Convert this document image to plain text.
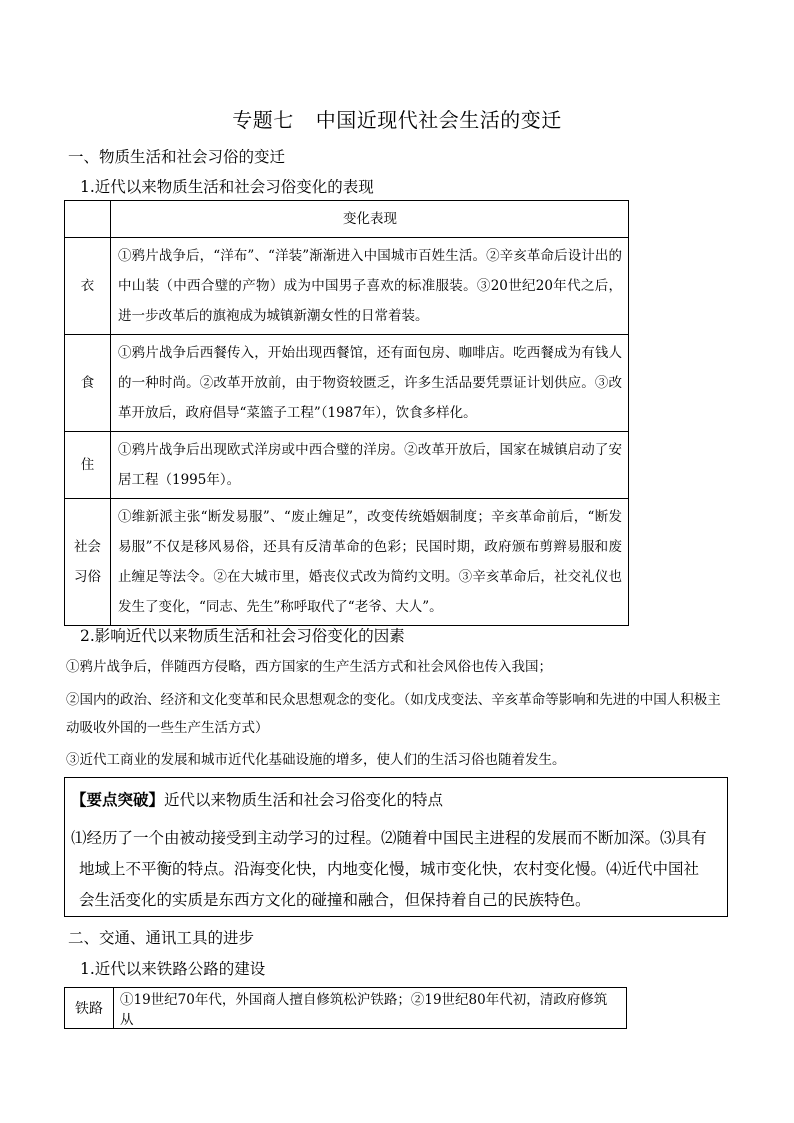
专题七 中国近现代社会生活的变迁
一、物质生活和社会习俗的变迁
1.近代以来物质生活和社会习俗变化的表现
	变化表现
衣	①鸦片战争后，“洋布”、“洋装”渐渐进入中国城市百姓生活。②辛亥革命后设计出的中山装（中西合璧的产物）成为中国男子喜欢的标准服装。③20世纪20年代之后，进一步改革后的旗袍成为城镇新潮女性的日常着装。
食	①鸦片战争后西餐传入，开始出现西餐馆，还有面包房、咖啡店。吃西餐成为有钱人的一种时尚。②改革开放前，由于物资较匮乏，许多生活品要凭票证计划供应。③改革开放后，政府倡导“菜篮子工程”（1987年），饮食多样化。
住	①鸦片战争后出现欧式洋房或中西合璧的洋房。②改革开放后，国家在城镇启动了安居工程（1995年）。
社会
习俗	①维新派主张“断发易服”、“废止缠足”，改变传统婚姻制度；辛亥革命前后，“断发易服”不仅是移风易俗，还具有反清革命的色彩；民国时期，政府颁布剪辫易服和废止缠足等法令。②在大城市里，婚丧仪式改为简约文明。③辛亥革命后，社交礼仪也发生了变化，“同志、先生”称呼取代了“老爷、大人”。
2.影响近代以来物质生活和社会习俗变化的因素
①鸦片战争后，伴随西方侵略，西方国家的生产生活方式和社会风俗也传入我国；
②国内的政治、经济和文化变革和民众思想观念的变化。（如戊戌变法、辛亥革命等影响和先进的中国人积极主动吸收外国的一些生产生活方式）
③近代工商业的发展和城市近代化基础设施的增多，使人们的生活习俗也随着发生。
【要点突破】近代以来物质生活和社会习俗变化的特点
⑴经历了一个由被动接受到主动学习的过程。⑵随着中国民主进程的发展而不断加深。⑶具有
地域上不平衡的特点。沿海变化快，内地变化慢，城市变化快，农村变化慢。⑷近代中国社
会生活变化的实质是东西方文化的碰撞和融合，但保持着自己的民族特色。
二、交通、通讯工具的进步
1.近代以来铁路公路的建设
铁路	①19世纪70年代，外国商人擅自修筑松沪铁路；②19世纪80年代初，清政府修筑从
